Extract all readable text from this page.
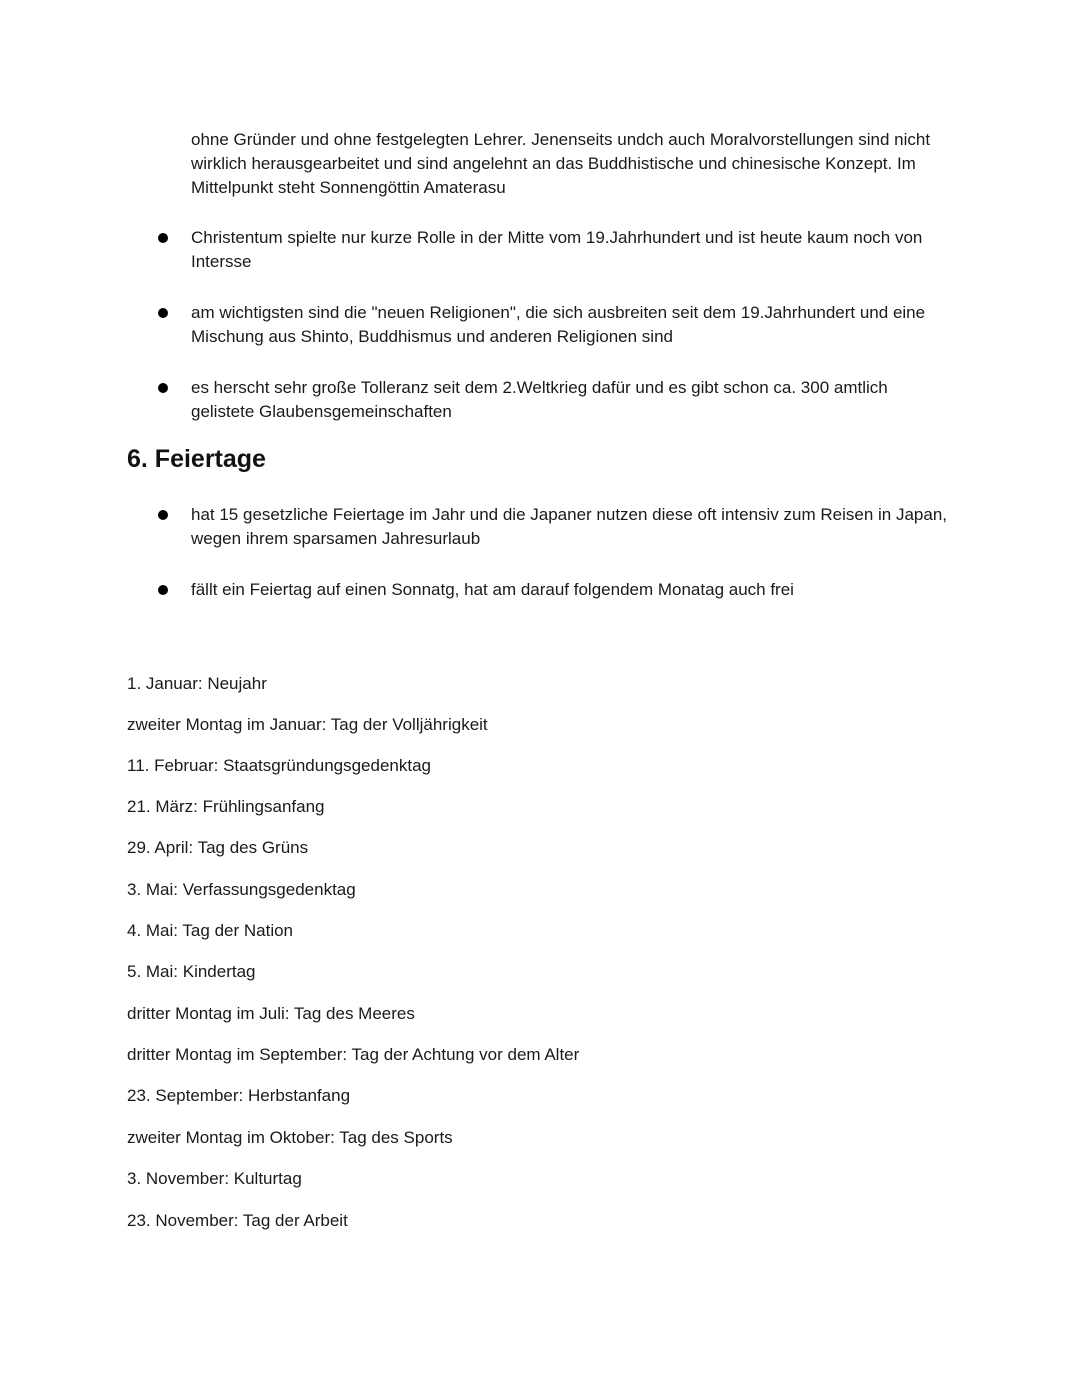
ohne Gründer und ohne festgelegten Lehrer. Jenenseits undch auch Moralvorstellungen sind nicht wirklich herausgearbeitet und sind angelehnt an das Buddhistische und chinesische Konzept. Im Mittelpunkt steht Sonnengöttin Amaterasu

Christentum spielte nur kurze Rolle in der Mitte vom 19.Jahrhundert und ist heute kaum noch von Intersse

am wichtigsten sind die "neuen Religionen", die sich ausbreiten seit dem 19.Jahrhundert und eine Mischung aus Shinto, Buddhismus und anderen Religionen sind

es herscht sehr große Tolleranz seit dem 2.Weltkrieg dafür und es gibt schon ca. 300 amtlich gelistete Glaubensgemeinschaften

6. Feiertage

hat 15 gesetzliche Feiertage im Jahr und die Japaner nutzen diese oft intensiv zum Reisen in Japan, wegen ihrem sparsamen Jahresurlaub

fällt ein Feiertag auf einen Sonnatg, hat am darauf folgendem Monatag auch frei

1. Januar: Neujahr

zweiter Montag im Januar: Tag der Volljährigkeit

11. Februar: Staatsgründungsgedenktag

21. März: Frühlingsanfang

29. April: Tag des Grüns

3. Mai: Verfassungsgedenktag

4. Mai: Tag der Nation

5. Mai: Kindertag

dritter Montag im Juli: Tag des Meeres

dritter Montag im September: Tag der Achtung vor dem Alter

23. September: Herbstanfang

zweiter Montag im Oktober: Tag des Sports

3. November: Kulturtag

23. November: Tag der Arbeit
